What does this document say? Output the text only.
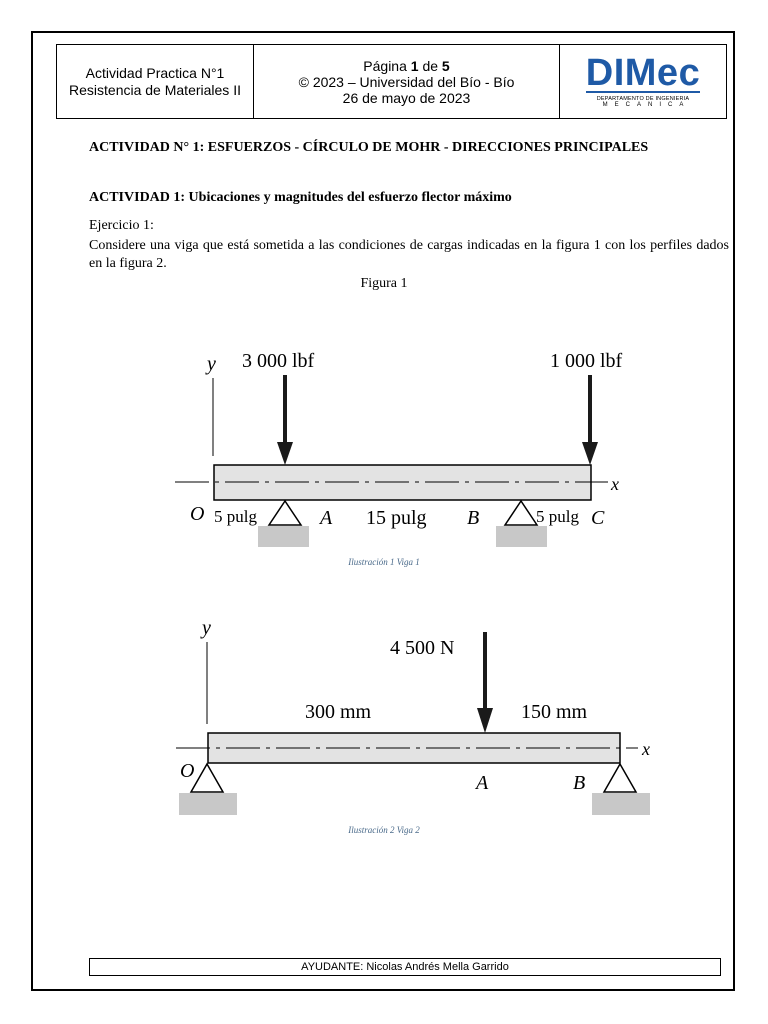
Actividad Practica N°1
Resistencia de Materiales II
Página 1 de 5
© 2023 – Universidad del Bío - Bío
26 de mayo de 2023
DIMec
DEPARTAMENTO DE INGENIERIA
MECANICA
ACTIVIDAD N° 1: ESFUERZOS - CÍRCULO DE MOHR - DIRECCIONES PRINCIPALES
ACTIVIDAD 1: Ubicaciones y magnitudes del esfuerzo flector máximo
Ejercicio 1:
Considere una viga que está sometida a las condiciones de cargas indicadas en la figura 1 con los perfiles dados en la figura 2.
Figura 1
y
x
3 000 lbf	1 000 lbf
O 5 pulg	A 15 pulg B	5 pulg C
y
x
4 500 N
300 mm	150 mm
O
A	B
Ilustración 1 Viga 1
Ilustración 2 Viga 2
AYUDANTE: Nicolas Andrés Mella Garrido
